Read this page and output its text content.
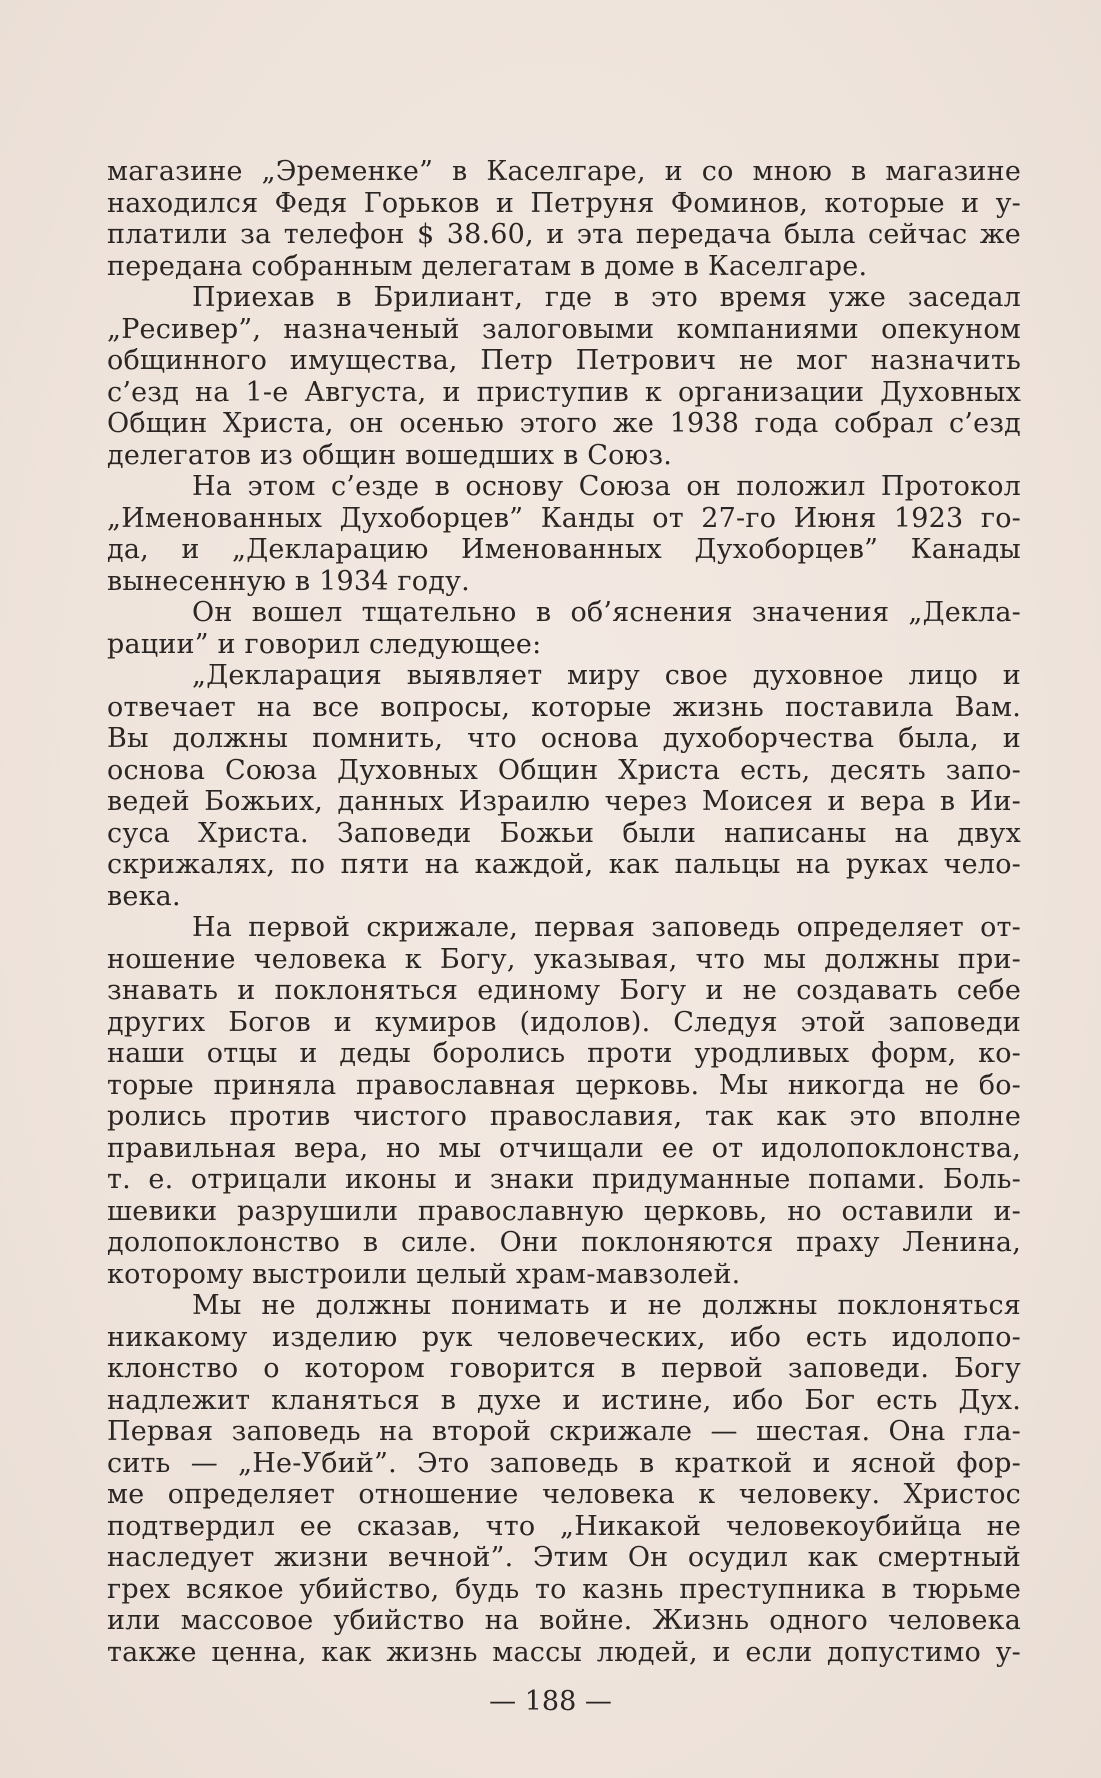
магазине „Эременке” в Каселгаре, и со мною в магазине
находился Федя Горьков и Петруня Фоминов, которые и у-
платили за телефон $ 38.60, и эта передача была сейчас же
передана собранным делегатам в доме в Каселгаре.
Приехав в Брилиант, где в это время уже заседал
„Ресивер”, назначеный залоговыми компаниями опекуном
общинного имущества, Петр Петрович не мог назначить
с’езд на 1-е Августа, и приступив к организации Духовных
Общин Христа, он осенью этого же 1938 года собрал с’езд
делегатов из общин вошедших в Союз.
На этом с’езде в основу Союза он положил Протокол
„Именованных Духоборцев” Канды от 27-го Июня 1923 го-
да, и „Декларацию Именованных Духоборцев” Канады
вынесенную в 1934 году.
Он вошел тщательно в об’яснения значения „Декла-
рации” и говорил следующее:
„Декларация выявляет миру свое духовное лицо и
отвечает на все вопросы, которые жизнь поставила Вам.
Вы должны помнить, что основа духоборчества была, и
основа Союза Духовных Общин Христа есть, десять запо-
ведей Божьих, данных Израилю через Моисея и вера в Ии-
суса Христа. Заповеди Божьи были написаны на двух
скрижалях, по пяти на каждой, как пальцы на руках чело-
века.
На первой скрижале, первая заповедь определяет от-
ношение человека к Богу, указывая, что мы должны при-
знавать и поклоняться единому Богу и не создавать себе
других Богов и кумиров (идолов). Следуя этой заповеди
наши отцы и деды боролись проти уродливых форм, ко-
торые приняла православная церковь. Мы никогда не бо-
ролись против чистого православия, так как это вполне
правильная вера, но мы отчищали ее от идолопоклонства,
т. е. отрицали иконы и знаки придуманные попами. Боль-
шевики разрушили православную церковь, но оставили и-
долопоклонство в силе. Они поклоняются праху Ленина,
которому выстроили целый храм-мавзолей.
Мы не должны понимать и не должны поклоняться
никакому изделию рук человеческих, ибо есть идолопо-
клонство о котором говорится в первой заповеди. Богу
надлежит кланяться в духе и истине, ибо Бог есть Дух.
Первая заповедь на второй скрижале — шестая. Она гла-
сить — „Не-Убий”. Это заповедь в краткой и ясной фор-
ме определяет отношение человека к человеку. Христос
подтвердил ее сказав, что „Никакой человекоубийца не
наследует жизни вечной”. Этим Он осудил как смертный
грех всякое убийство, будь то казнь преступника в тюрьме
или массовое убийство на войне. Жизнь одного человека
также ценна, как жизнь массы людей, и если допустимо у-
— 188 —
